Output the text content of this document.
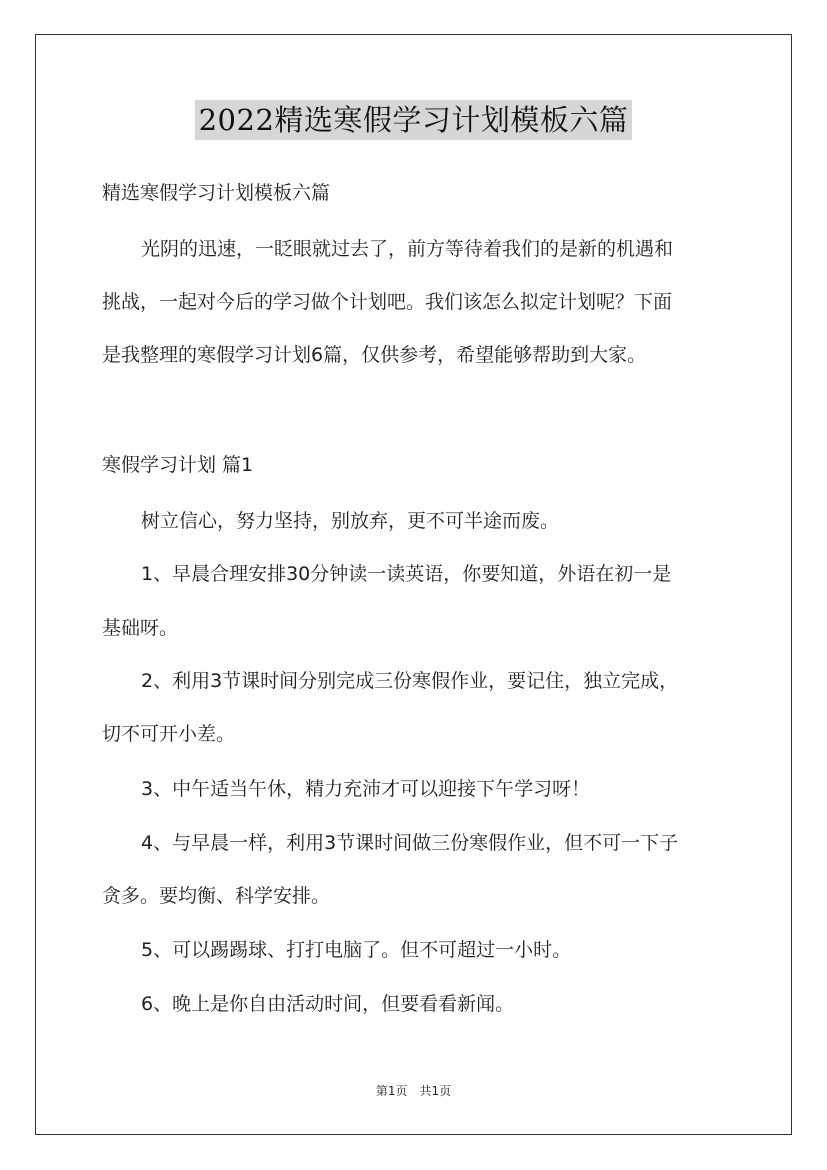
2022精选寒假学习计划模板六篇
精选寒假学习计划模板六篇
光阴的迅速，一眨眼就过去了，前方等待着我们的是新的机遇和
挑战，一起对今后的学习做个计划吧。我们该怎么拟定计划呢？下面
是我整理的寒假学习计划6篇，仅供参考，希望能够帮助到大家。
寒假学习计划 篇1
树立信心，努力坚持，别放弃，更不可半途而废。
1、早晨合理安排30分钟读一读英语，你要知道，外语在初一是
基础呀。
2、利用3节课时间分别完成三份寒假作业，要记住，独立完成，
切不可开小差。
3、中午适当午休，精力充沛才可以迎接下午学习呀！
4、与早晨一样，利用3节课时间做三份寒假作业，但不可一下子
贪多。要均衡、科学安排。
5、可以踢踢球、打打电脑了。但不可超过一小时。
6、晚上是你自由活动时间，但要看看新闻。
第1页　共1页
